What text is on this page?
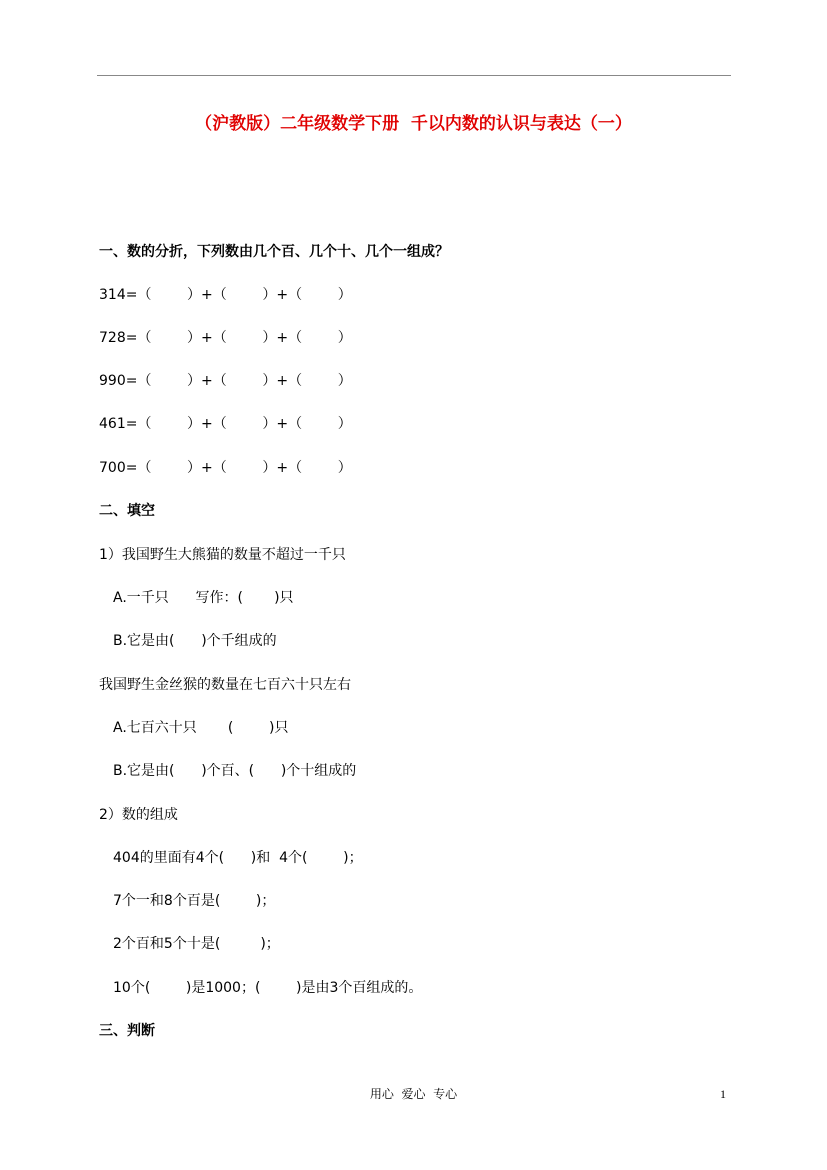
（沪教版）二年级数学下册  千以内数的认识与表达（一）
一、数的分折，下列数由几个百、几个十、几个一组成？
314=（        ）+（        ）+（        ）
728=（        ）+（        ）+（        ）
990=（        ）+（        ）+（        ）
461=（        ）+（        ）+（        ）
700=（        ）+（        ）+（        ）
二、填空
1）我国野生大熊猫的数量不超过一千只
A.一千只      写作：(       )只
B.它是由(      )个千组成的
我国野生金丝猴的数量在七百六十只左右
A.七百六十只       (        )只
B.它是由(      )个百、(      )个十组成的
2）数的组成
404的里面有4个(      )和  4个(        )；
7个一和8个百是(        )；
2个百和5个十是(         )；
10个(        )是1000；(        )是由3个百组成的。
三、判断
用心  爱心  专心	1
